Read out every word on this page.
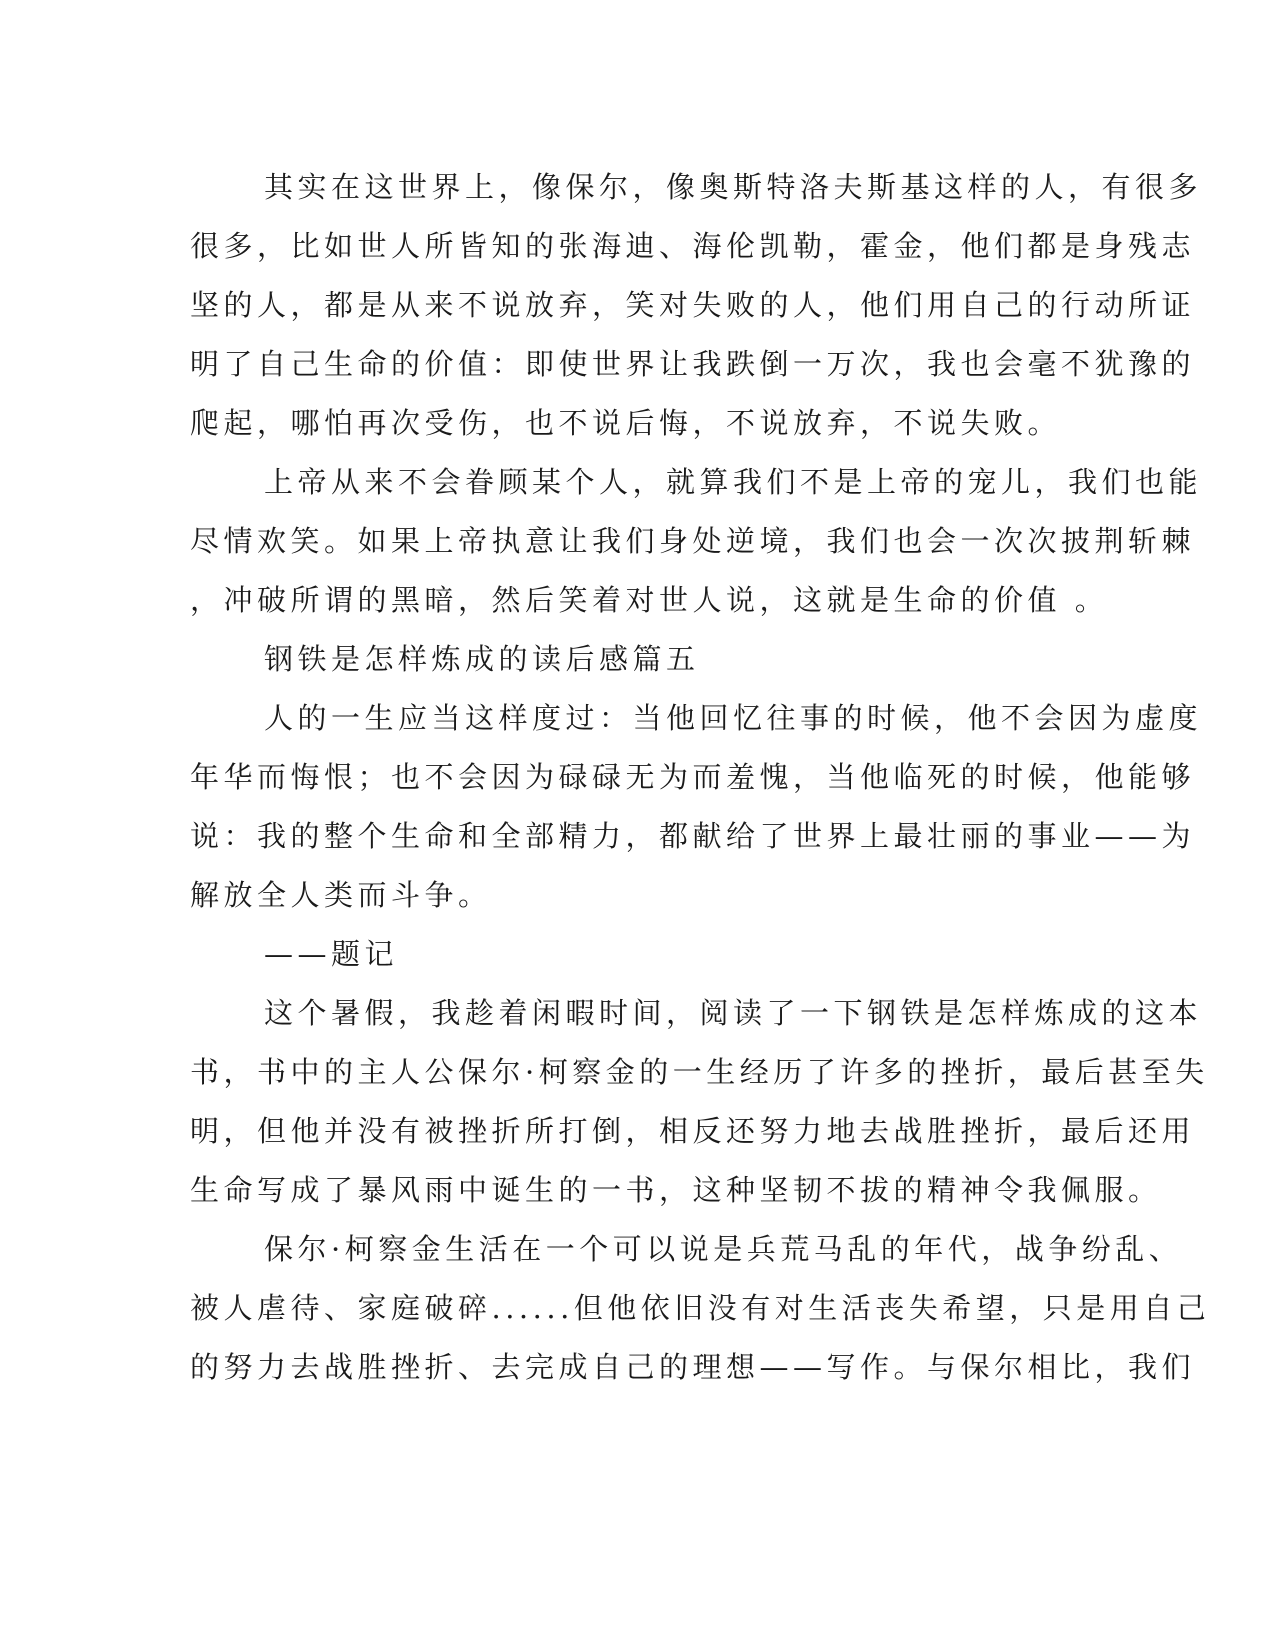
其实在这世界上，像保尔，像奥斯特洛夫斯基这样的人，有很多
很多，比如世人所皆知的张海迪、海伦凯勒，霍金，他们都是身残志
坚的人，都是从来不说放弃，笑对失败的人，他们用自己的行动所证
明了自己生命的价值：即使世界让我跌倒一万次，我也会毫不犹豫的
爬起，哪怕再次受伤，也不说后悔，不说放弃，不说失败。
上帝从来不会眷顾某个人，就算我们不是上帝的宠儿，我们也能
尽情欢笑。如果上帝执意让我们身处逆境，我们也会一次次披荆斩棘
，冲破所谓的黑暗，然后笑着对世人说，这就是生命的价值 。
钢铁是怎样炼成的读后感篇五
人的一生应当这样度过：当他回忆往事的时候，他不会因为虚度
年华而悔恨；也不会因为碌碌无为而羞愧，当他临死的时候，他能够
说：我的整个生命和全部精力，都献给了世界上最壮丽的事业——为
解放全人类而斗争。
——题记
这个暑假，我趁着闲暇时间，阅读了一下钢铁是怎样炼成的这本
书，书中的主人公保尔·柯察金的一生经历了许多的挫折，最后甚至失
明，但他并没有被挫折所打倒，相反还努力地去战胜挫折，最后还用
生命写成了暴风雨中诞生的一书，这种坚韧不拔的精神令我佩服。
保尔·柯察金生活在一个可以说是兵荒马乱的年代，战争纷乱、
被人虐待、家庭破碎......但他依旧没有对生活丧失希望，只是用自己
的努力去战胜挫折、去完成自己的理想——写作。与保尔相比，我们
